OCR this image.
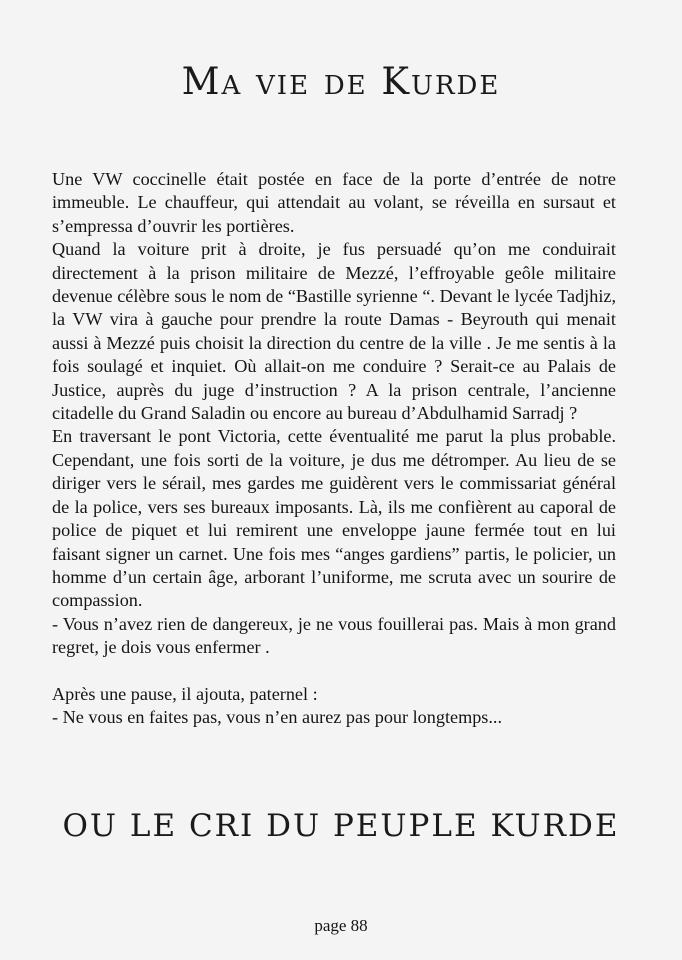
Ma vie de Kurde

Une VW coccinelle était postée en face de la porte d’entrée de notre immeuble. Le chauffeur, qui attendait au volant, se réveilla en sursaut et s’empressa d’ouvrir les portières.

Quand la voiture prit à droite, je fus persuadé qu’on me conduirait directement à la prison militaire de Mezzé, l’effroyable geôle militaire devenue célèbre sous le nom de “Bastille syrienne “. Devant le lycée Tadjhiz, la VW vira à gauche pour prendre la route Damas - Beyrouth qui menait aussi à Mezzé puis choisit la direction du centre de la ville . Je me sentis à la fois soulagé et inquiet. Où allait-on me conduire ? Serait-ce au Palais de Justice, auprès du juge d’instruction ? A la prison centrale, l’ancienne citadelle du Grand Saladin ou encore au bureau d’Abdulhamid Sarradj ?

En traversant le pont Victoria, cette éventualité me parut la plus probable. Cependant, une fois sorti de la voiture, je dus me détromper. Au lieu de se diriger vers le sérail, mes gardes me guidèrent vers le commissariat général de la police, vers ses bureaux imposants. Là, ils me confièrent au caporal de police de piquet et lui remirent une enveloppe jaune fermée tout en lui faisant signer un carnet. Une fois mes “anges gardiens” partis, le policier, un homme d’un certain âge, arborant l’uniforme, me scruta avec un sourire de compassion.

- Vous n’avez rien de dangereux, je ne vous fouillerai pas. Mais à mon grand regret, je dois vous enfermer .

Après une pause, il ajouta, paternel :

- Ne vous en faites pas, vous n’en aurez pas pour longtemps...

OU LE CRI DU PEUPLE KURDE
page 88
